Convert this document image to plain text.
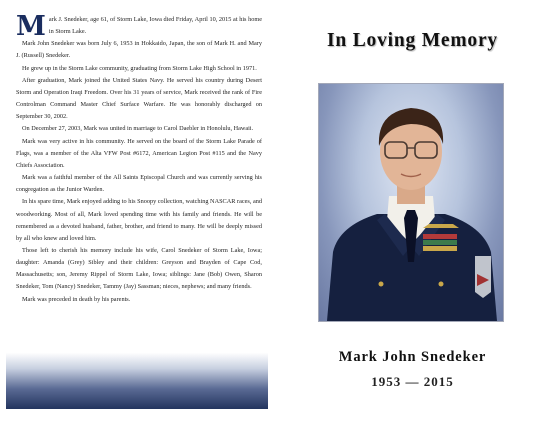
Mark J. Snedeker, age 61, of Storm Lake, Iowa died Friday, April 10, 2015 at his home in Storm Lake.

Mark John Snedeker was born July 6, 1953 in Hokkaido, Japan, the son of Mark H. and Mary J. (Russell) Snedeker.

He grew up in the Storm Lake community, graduating from Storm Lake High School in 1971.

After graduation, Mark joined the United States Navy. He served his country during Desert Storm and Operation Iraqi Freedom. Over his 31 years of service, Mark received the rank of Fire Controlman Command Master Chief Surface Warfare. He was honorably discharged on September 30, 2002.

On December 27, 2003, Mark was united in marriage to Carol Daebler in Honolulu, Hawaii.

Mark was very active in his community. He served on the board of the Storm Lake Parade of Flags, was a member of the Alta VFW Post #6172, American Legion Post #115 and the Navy Chiefs Association.

Mark was a faithful member of the All Saints Episcopal Church and was currently serving his congregation as the Junior Warden.

In his spare time, Mark enjoyed adding to his Snoopy collection, watching NASCAR races, and woodworking. Most of all, Mark loved spending time with his family and friends. He will be remembered as a devoted husband, father, brother, and friend to many. He will be deeply missed by all who knew and loved him.

Those left to cherish his memory include his wife, Carol Snedeker of Storm Lake, Iowa; daughter: Amanda (Grey) Sibley and their children: Greyson and Brayden of Cape Cod, Massachusetts; son, Jeremy Rippel of Storm Lake, Iowa; siblings: Jane (Bob) Owen, Sharon Snedeker, Tom (Nancy) Snedeker, Tammy (Jay) Sassman; nieces, nephews; and many friends.

Mark was preceded in death by his parents.

In Loving Memory
Mark John Snedeker
1953 — 2015
